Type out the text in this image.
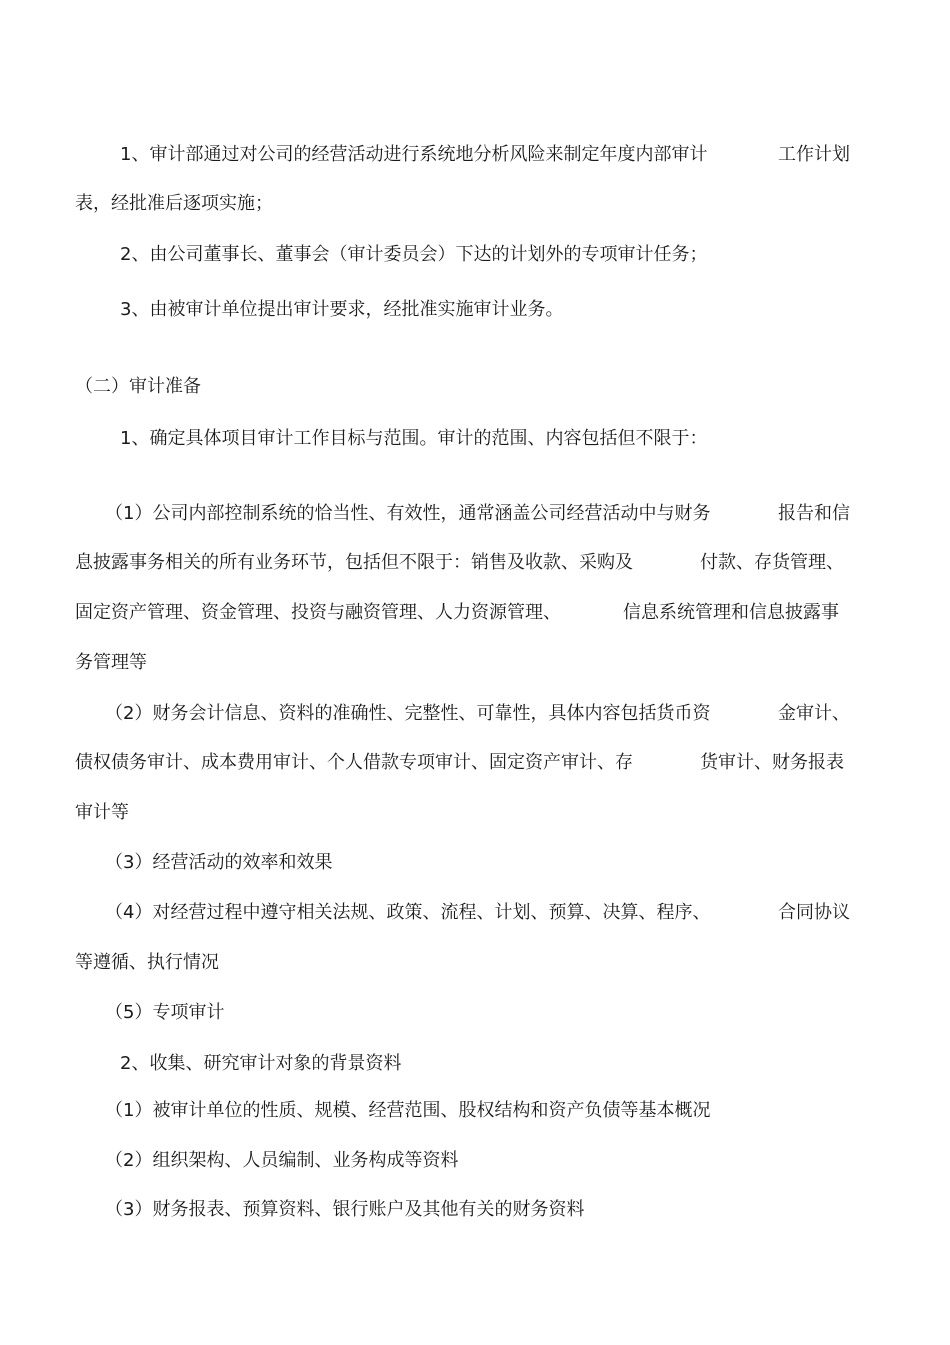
1、审计部通过对公司的经营活动进行系统地分析风险来制定年度内部审计	工作计划
表，经批准后逐项实施；
2、由公司董事长、董事会（审计委员会）下达的计划外的专项审计任务；
3、由被审计单位提出审计要求，经批准实施审计业务。
（二）审计准备
1、确定具体项目审计工作目标与范围。审计的范围、内容包括但不限于：
（1）公司内部控制系统的恰当性、有效性，通常涵盖公司经营活动中与财务	报告和信
息披露事务相关的所有业务环节，包括但不限于：销售及收款、采购及	付款、存货管理、
固定资产管理、资金管理、投资与融资管理、人力资源管理、	信息系统管理和信息披露事
务管理等
（2）财务会计信息、资料的准确性、完整性、可靠性，具体内容包括货币资	金审计、
债权债务审计、成本费用审计、个人借款专项审计、固定资产审计、存	货审计、财务报表
审计等
（3）经营活动的效率和效果
（4）对经营过程中遵守相关法规、政策、流程、计划、预算、决算、程序、	合同协议
等遵循、执行情况
（5）专项审计
2、收集、研究审计对象的背景资料
（1）被审计单位的性质、规模、经营范围、股权结构和资产负债等基本概况
（2）组织架构、人员编制、业务构成等资料
（3）财务报表、预算资料、银行账户及其他有关的财务资料
